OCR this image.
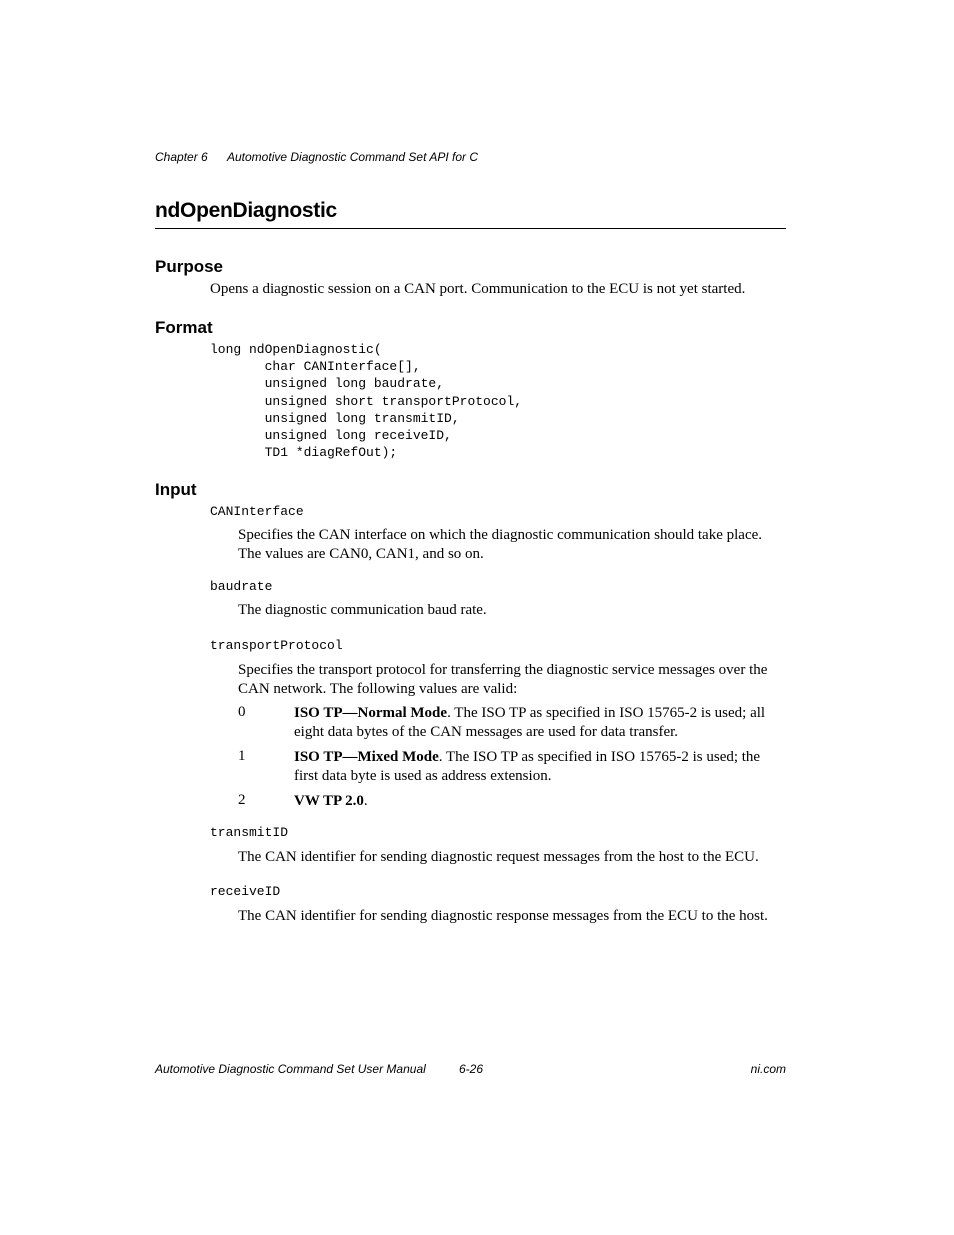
Chapter 6 Automotive Diagnostic Command Set API for C
ndOpenDiagnostic
Purpose
Opens a diagnostic session on a CAN port. Communication to the ECU is not yet started.
Format
long ndOpenDiagnostic(
char CANInterface[],
unsigned long baudrate,
unsigned short transportProtocol,
unsigned long transmitID,
unsigned long receiveID,
TD1 *diagRefOut);
Input
CANInterface
Specifies the CAN interface on which the diagnostic communication should take place. The values are CAN0, CAN1, and so on.
baudrate
The diagnostic communication baud rate.
transportProtocol
Specifies the transport protocol for transferring the diagnostic service messages over the CAN network. The following values are valid:
0	ISO TP—Normal Mode. The ISO TP as specified in ISO 15765-2 is used; all eight data bytes of the CAN messages are used for data transfer.
1	ISO TP—Mixed Mode. The ISO TP as specified in ISO 15765-2 is used; the first data byte is used as address extension.
2	VW TP 2.0.
transmitID
The CAN identifier for sending diagnostic request messages from the host to the ECU.
receiveID
The CAN identifier for sending diagnostic response messages from the ECU to the host.
Automotive Diagnostic Command Set User Manual	6-26	ni.com
